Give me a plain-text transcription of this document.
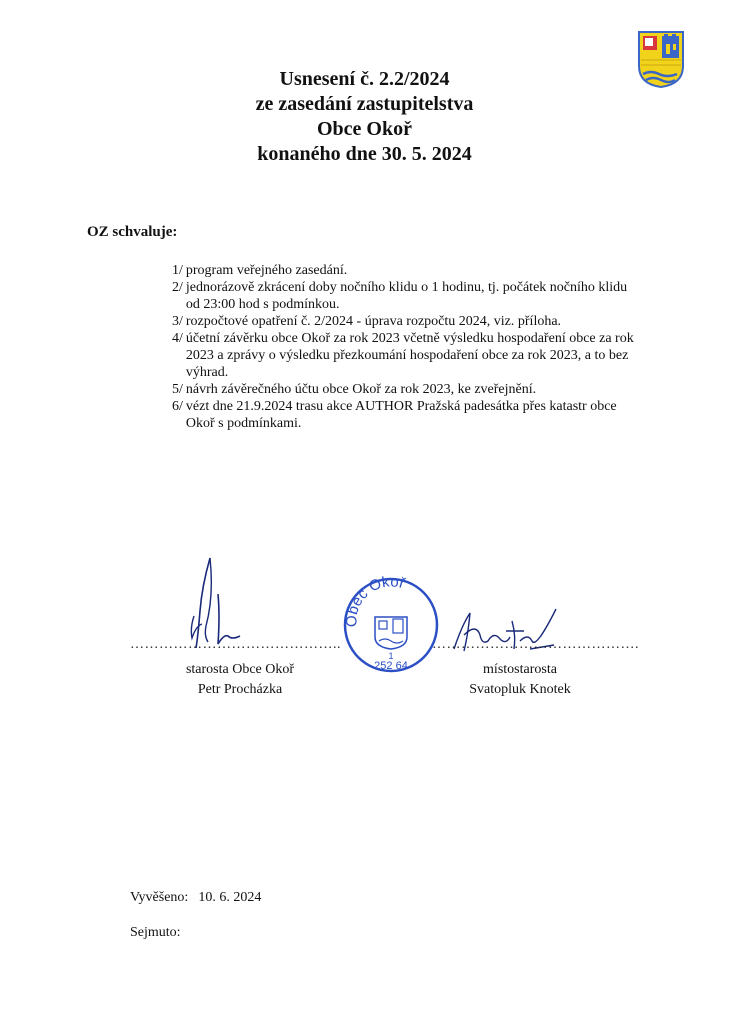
Usnesení č. 2.2/2024
ze zasedání zastupitelstva
Obce Okoř
konaného dne 30. 5. 2024
OZ schvaluje:
1/ program veřejného zasedání.
2/ jednorázově zkrácení doby nočního klidu o 1 hodinu, tj. počátek nočního klidu od 23:00 hod s podmínkou.
3/ rozpočtové opatření č. 2/2024 - úprava rozpočtu 2024, viz. příloha.
4/ účetní závěrku obce Okoř za rok 2023 včetně výsledku hospodaření obce za rok 2023 a zprávy o výsledku přezkoumání hospodaření obce za rok 2023, a to bez výhrad.
5/ návrh závěrečného účtu obce Okoř za rok 2023, ke zveřejnění.
6/ vézt dne 21.9.2024 trasu akce AUTHOR Pražská padesátka přes katastr obce Okoř s podmínkami.
Obec Okoř
1
252 64
……………………………………..	…………………………………….
starosta Obce Okoř
Petr Procházka
místostarosta
Svatopluk Knotek
Vyvěšeno: 10. 6. 2024
Sejmuto:
